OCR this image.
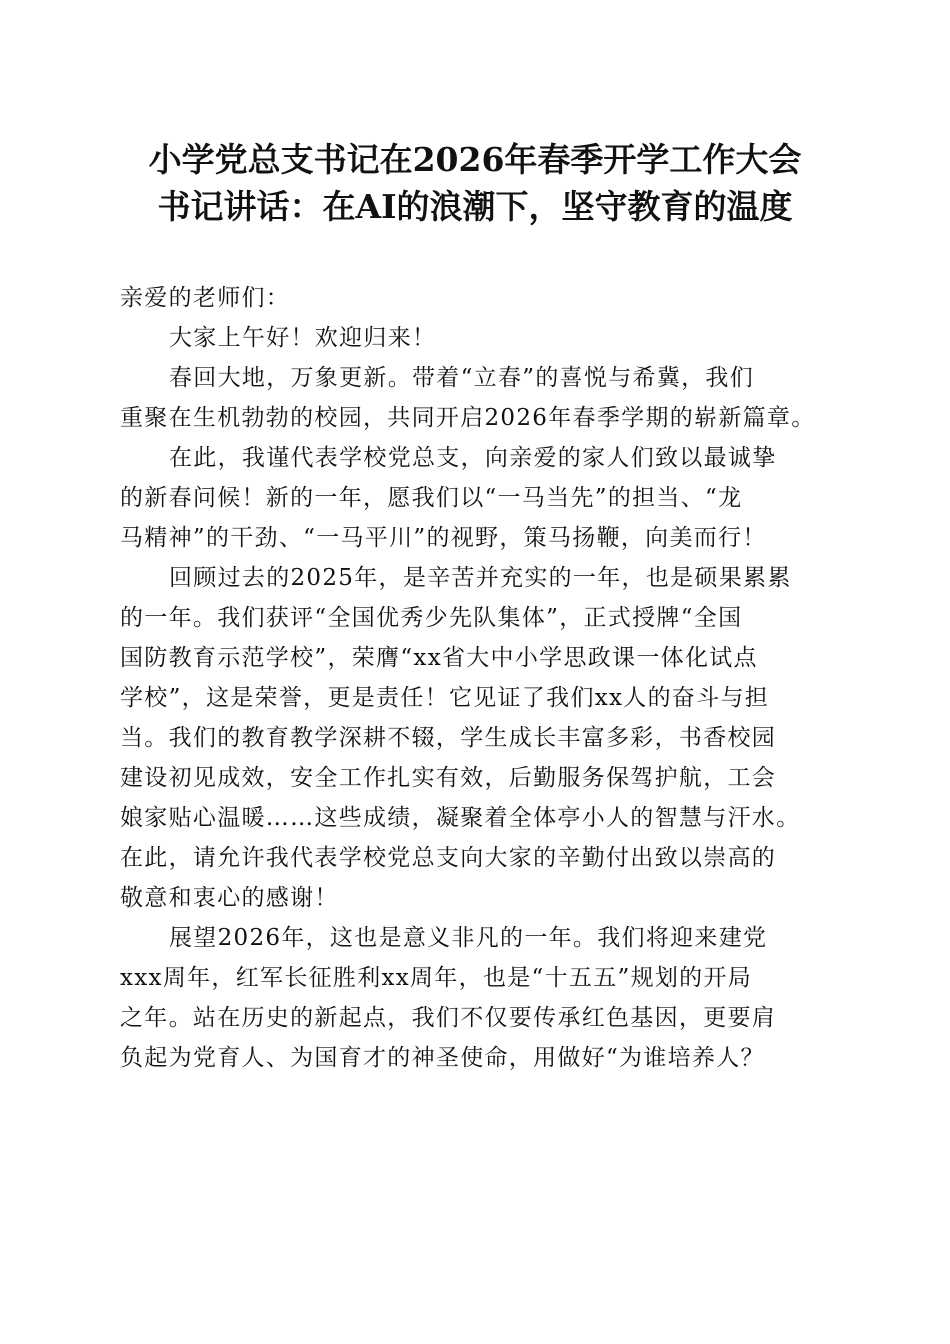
小学党总支书记在2026年春季开学工作大会
书记讲话：在AI的浪潮下，坚守教育的温度
亲爱的老师们：
大家上午好！欢迎归来！
春回大地，万象更新。带着“立春”的喜悦与希冀，我们
重聚在生机勃勃的校园，共同开启2026年春季学期的崭新篇章。
在此，我谨代表学校党总支，向亲爱的家人们致以最诚挚
的新春问候！新的一年，愿我们以“一马当先”的担当、“龙
马精神”的干劲、“一马平川”的视野，策马扬鞭，向美而行！
回顾过去的2025年，是辛苦并充实的一年，也是硕果累累
的一年。我们获评“全国优秀少先队集体”，正式授牌“全国
国防教育示范学校”，荣膺“xx省大中小学思政课一体化试点
学校”，这是荣誉，更是责任！它见证了我们xx人的奋斗与担
当。我们的教育教学深耕不辍，学生成长丰富多彩，书香校园
建设初见成效，安全工作扎实有效，后勤服务保驾护航，工会
娘家贴心温暖……这些成绩，凝聚着全体亭小人的智慧与汗水。
在此，请允许我代表学校党总支向大家的辛勤付出致以崇高的
敬意和衷心的感谢！
展望2026年，这也是意义非凡的一年。我们将迎来建党
xxx周年，红军长征胜利xx周年，也是“十五五”规划的开局
之年。站在历史的新起点，我们不仅要传承红色基因，更要肩
负起为党育人、为国育才的神圣使命，用做好“为谁培养人？
